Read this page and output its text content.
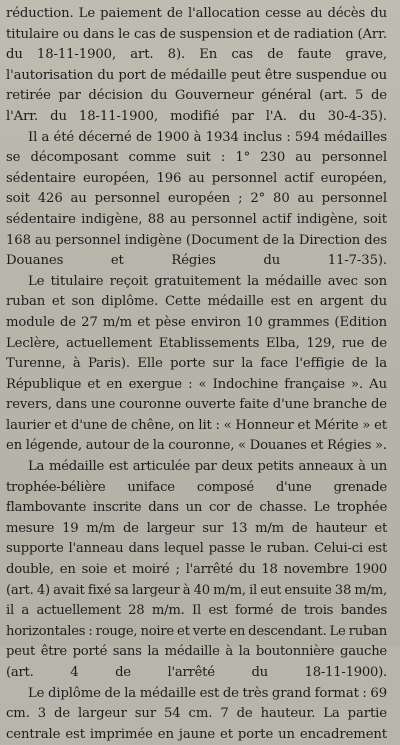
réduction. Le paiement de l'allocation cesse au décès du titulaire ou dans le cas de suspension et de radiation (Arr. du 18-11-1900, art. 8). En cas de faute grave, l'autorisation du port de médaille peut être suspendue ou retirée par décision du Gouverneur général (art. 5 de l'Arr. du 18-11-1900, modifié par l'A. du 30-4-35).

Il a été décerné de 1900 à 1934 inclus : 594 médailles se décomposant comme suit : 1° 230 au personnel sédentaire européen, 196 au personnel actif européen, soit 426 au personnel européen ; 2° 80 au personnel sédentaire indigène, 88 au personnel actif indigène, soit 168 au personnel indigène (Document de la Direction des Douanes et Régies du 11-7-35).

Le titulaire reçoit gratuitement la médaille avec son ruban et son diplôme. Cette médaille est en argent du module de 27 m/m et pèse environ 10 grammes (Edition Leclère, actuellement Etablissements Elba, 129, rue de Turenne, à Paris). Elle porte sur la face l'effigie de la République et en exergue : « Indochine française ». Au revers, dans une couronne ouverte faite d'une branche de laurier et d'une de chêne, on lit : « Honneur et Mérite » et en légende, autour de la couronne, « Douanes et Régies ».

La médaille est articulée par deux petits anneaux à un trophée-bélière uniface composé d'une grenade flambovante inscrite dans un cor de chasse. Le trophée mesure 19 m/m de largeur sur 13 m/m de hauteur et supporte l'anneau dans lequel passe le ruban. Celui-ci est double, en soie et moiré ; l'arrêté du 18 novembre 1900 (art. 4) avait fixé sa largeur à 40 m/m, il eut ensuite 38 m/m, il a actuellement 28 m/m. Il est formé de trois bandes horizontales : rouge, noire et verte en descendant. Le ruban peut être porté sans la médaille à la boutonnière gauche (art. 4 de l'arrêté du 18-11-1900).

Le diplôme de la médaille est de très grand format : 69 cm. 3 de largeur sur 54 cm. 7 de hauteur. La partie centrale est imprimée en jaune et porte un encadrement
